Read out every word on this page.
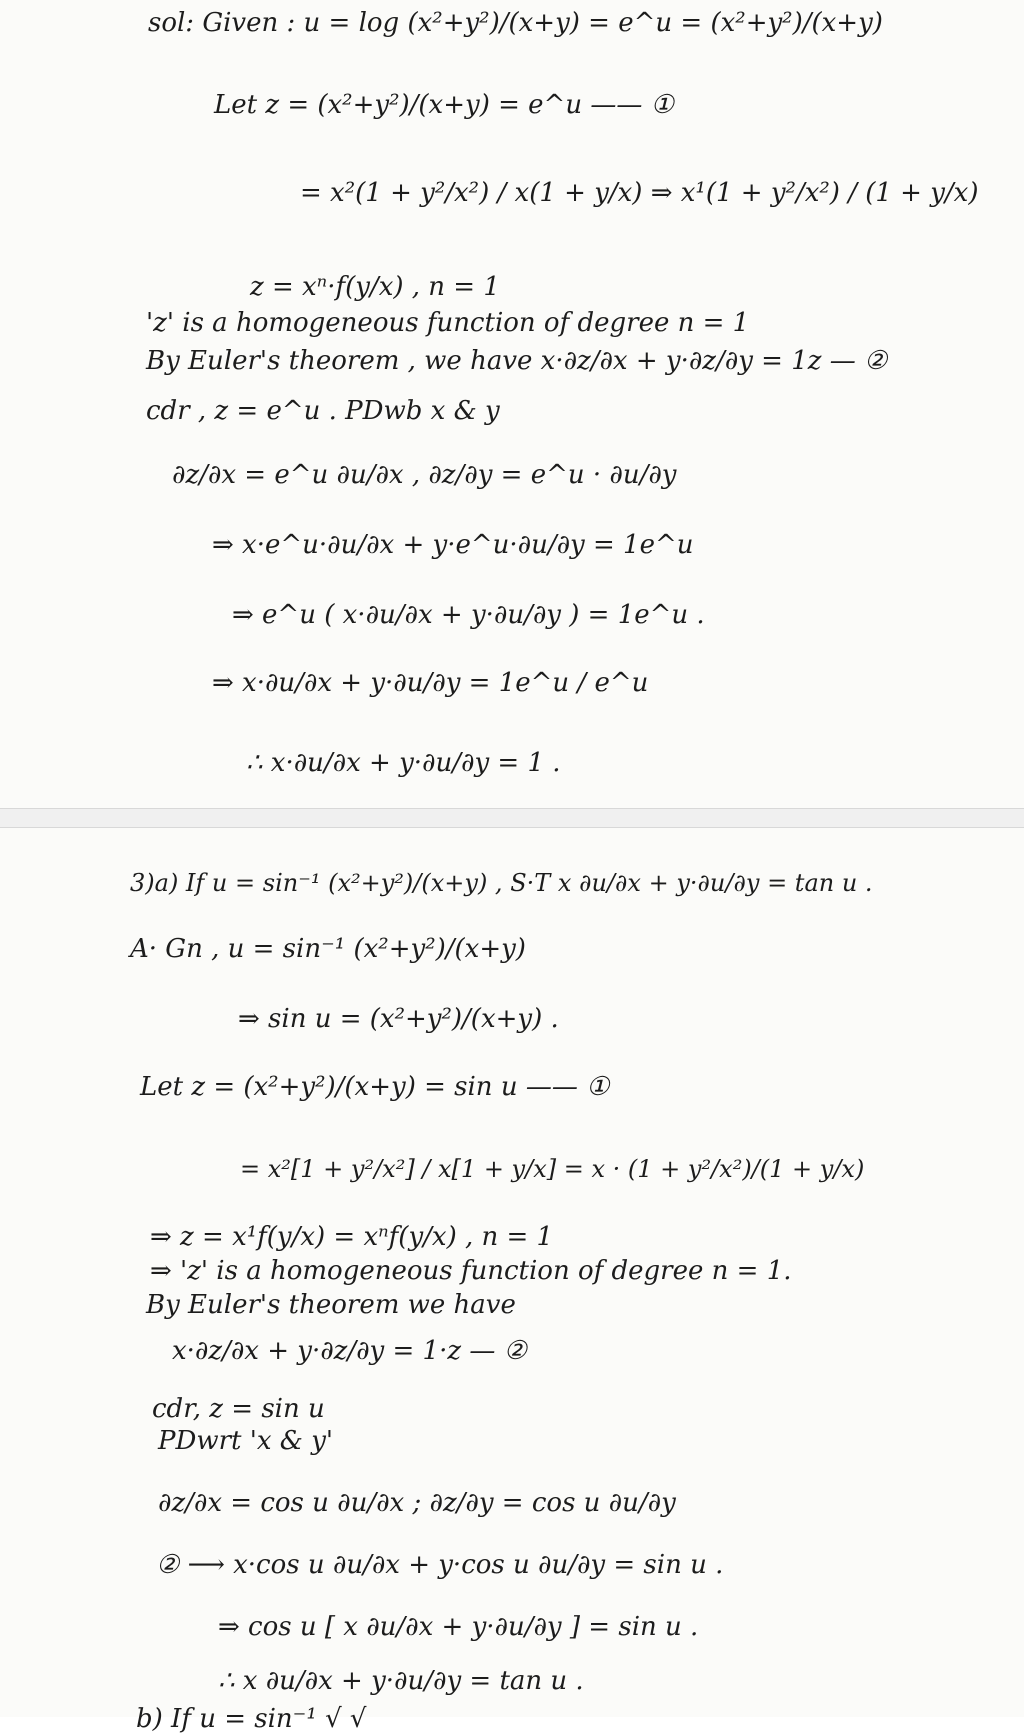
sol: Given : u = log (x²+y²)/(x+y) = e^u = (x²+y²)/(x+y)
Let z = (x²+y²)/(x+y) = e^u —— ①
= x²(1 + y²/x²) / x(1 + y/x) ⇒ x¹(1 + y²/x²) / (1 + y/x)
z = xⁿ·f(y/x) , n = 1
'z' is a homogeneous function of degree n = 1
By Euler's theorem , we have x·∂z/∂x + y·∂z/∂y = 1z — ②
cdr , z = e^u . PDwb x & y
∂z/∂x = e^u ∂u/∂x , ∂z/∂y = e^u · ∂u/∂y
⇒ x·e^u·∂u/∂x + y·e^u·∂u/∂y = 1e^u
⇒ e^u ( x·∂u/∂x + y·∂u/∂y ) = 1e^u .
⇒ x·∂u/∂x + y·∂u/∂y = 1e^u / e^u
∴ x·∂u/∂x + y·∂u/∂y = 1 .
3)a) If u = sin⁻¹ (x²+y²)/(x+y) , S·T x ∂u/∂x + y·∂u/∂y = tan u .
A· Gn , u = sin⁻¹ (x²+y²)/(x+y)
⇒ sin u = (x²+y²)/(x+y) .
Let z = (x²+y²)/(x+y) = sin u —— ①
= x²[1 + y²/x²] / x[1 + y/x] = x · (1 + y²/x²)/(1 + y/x)
⇒ z = x¹f(y/x) = xⁿf(y/x) , n = 1
⇒ 'z' is a homogeneous function of degree n = 1.
By Euler's theorem we have
x·∂z/∂x + y·∂z/∂y = 1·z — ②
cdr, z = sin u
PDwrt 'x & y'
∂z/∂x = cos u ∂u/∂x ; ∂z/∂y = cos u ∂u/∂y
② ⟶ x·cos u ∂u/∂x + y·cos u ∂u/∂y = sin u .
⇒ cos u [ x ∂u/∂x + y·∂u/∂y ] = sin u .
∴ x ∂u/∂x + y·∂u/∂y = tan u .
b) If u = sin⁻¹ √ √
